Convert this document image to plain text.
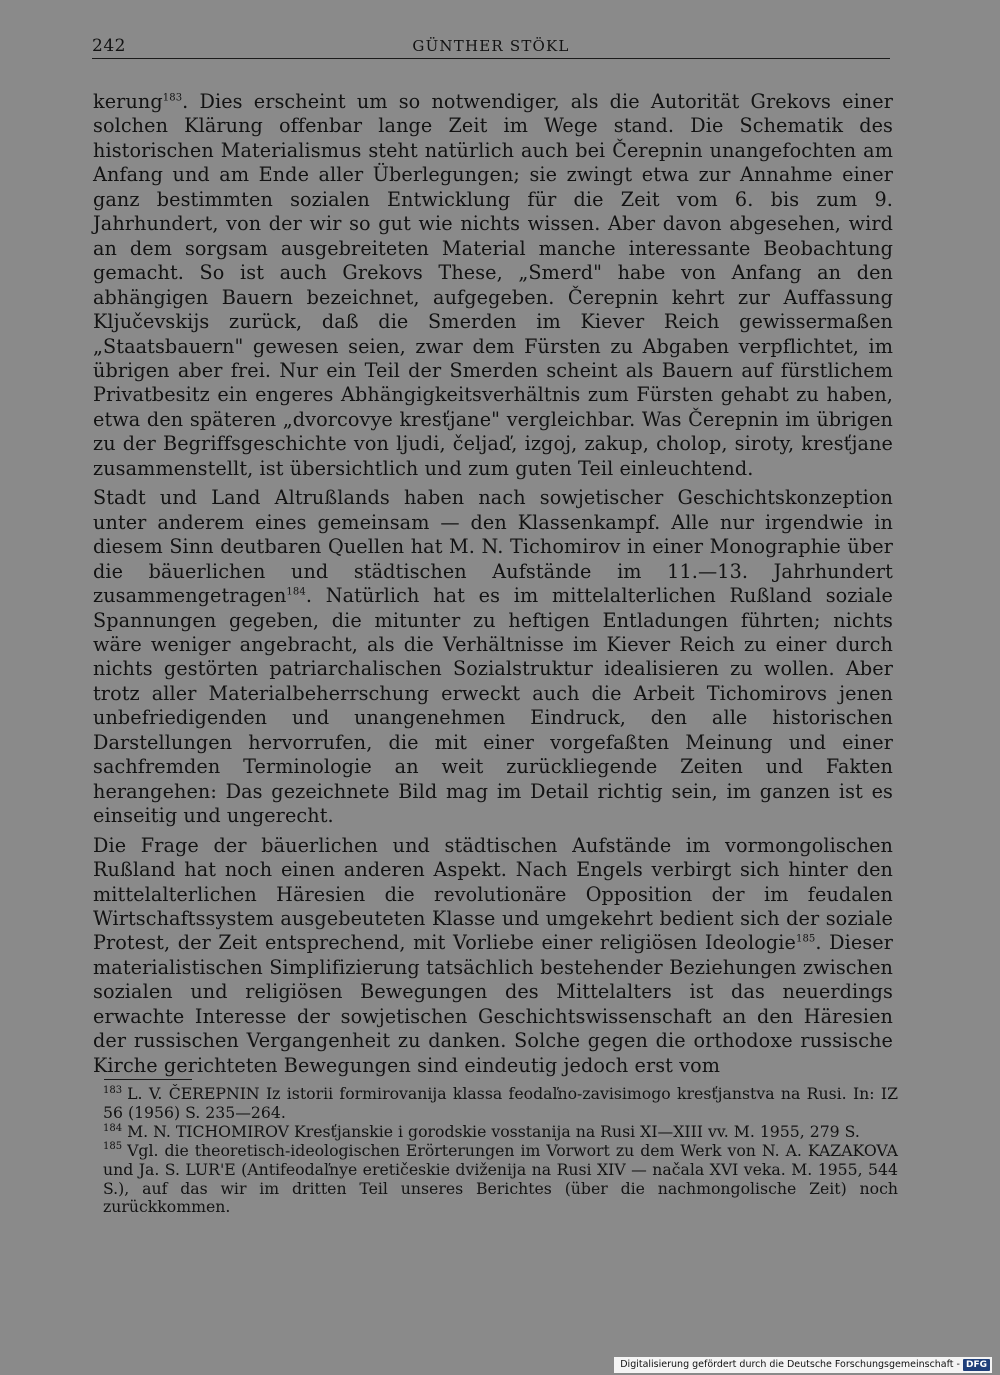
242	GÜNTHER STÖKL

kerung$^{183}$. Dies erscheint um so notwendiger, als die Autorität Grekovs einer solchen Klärung offenbar lange Zeit im Wege stand. Die Schematik des historischen Materialismus steht natürlich auch bei Čerepnin unangefochten am Anfang und am Ende aller Überlegungen; sie zwingt etwa zur Annahme einer ganz bestimmten sozialen Entwicklung für die Zeit vom 6. bis zum 9. Jahrhundert, von der wir so gut wie nichts wissen. Aber davon abgesehen, wird an dem sorgsam ausgebreiteten Material manche interessante Beobachtung gemacht. So ist auch Grekovs These, „Smerd" habe von Anfang an den abhängigen Bauern bezeichnet, aufgegeben. Čerepnin kehrt zur Auffassung Ključevskijs zurück, daß die Smerden im Kiever Reich gewissermaßen „Staatsbauern" gewesen seien, zwar dem Fürsten zu Abgaben verpflichtet, im übrigen aber frei. Nur ein Teil der Smerden scheint als Bauern auf fürstlichem Privatbesitz ein engeres Abhängigkeitsverhältnis zum Fürsten gehabt zu haben, etwa den späteren „dvorcovye kresťjane" vergleichbar. Was Čerepnin im übrigen zu der Begriffsgeschichte von ljudi, čeljaď, izgoj, zakup, cholop, siroty, kresťjane zusammenstellt, ist übersichtlich und zum guten Teil einleuchtend.

Stadt und Land Altrußlands haben nach sowjetischer Geschichtskonzeption unter anderem eines gemeinsam — den Klassenkampf. Alle nur irgendwie in diesem Sinn deutbaren Quellen hat M. N. Tichomirov in einer Monographie über die bäuerlichen und städtischen Aufstände im 11.—13. Jahrhundert zusammengetragen$^{184}$. Natürlich hat es im mittelalterlichen Rußland soziale Spannungen gegeben, die mitunter zu heftigen Entladungen führten; nichts wäre weniger angebracht, als die Verhältnisse im Kiever Reich zu einer durch nichts gestörten patriarchalischen Sozialstruktur idealisieren zu wollen. Aber trotz aller Materialbeherrschung erweckt auch die Arbeit Tichomirovs jenen unbefriedigenden und unangenehmen Eindruck, den alle historischen Darstellungen hervorrufen, die mit einer vorgefaßten Meinung und einer sachfremden Terminologie an weit zurückliegende Zeiten und Fakten herangehen: Das gezeichnete Bild mag im Detail richtig sein, im ganzen ist es einseitig und ungerecht.

Die Frage der bäuerlichen und städtischen Aufstände im vormongolischen Rußland hat noch einen anderen Aspekt. Nach Engels verbirgt sich hinter den mittelalterlichen Häresien die revolutionäre Opposition der im feudalen Wirtschaftssystem ausgebeuteten Klasse und umgekehrt bedient sich der soziale Protest, der Zeit entsprechend, mit Vorliebe einer religiösen Ideologie$^{185}$. Dieser materialistischen Simplifizierung tatsächlich bestehender Beziehungen zwischen sozialen und religiösen Bewegungen des Mittelalters ist das neuerdings erwachte Interesse der sowjetischen Geschichtswissenschaft an den Häresien der russischen Vergangenheit zu danken. Solche gegen die orthodoxe russische Kirche gerichteten Bewegungen sind eindeutig jedoch erst vom

$^{183}$ L. V. ČEREPNIN Iz istorii formirovanija klassa feodaľno-zavisimogo kresťjanstva na Rusi. In: IZ 56 (1956) S. 235—264.

$^{184}$ M. N. TICHOMIROV Kresťjanskie i gorodskie vosstanija na Rusi XI—XIII vv. M. 1955, 279 S.

$^{185}$ Vgl. die theoretisch-ideologischen Erörterungen im Vorwort zu dem Werk von N. A. KAZAKOVA und Ja. S. LUR'E (Antifeodaľnye eretičeskie dviženija na Rusi XIV — načala XVI veka. M. 1955, 544 S.), auf das wir im dritten Teil unseres Berichtes (über die nachmongolische Zeit) noch zurückkommen.

Digitalisierung gefördert durch die Deutsche Forschungsgemeinschaft - DFG
